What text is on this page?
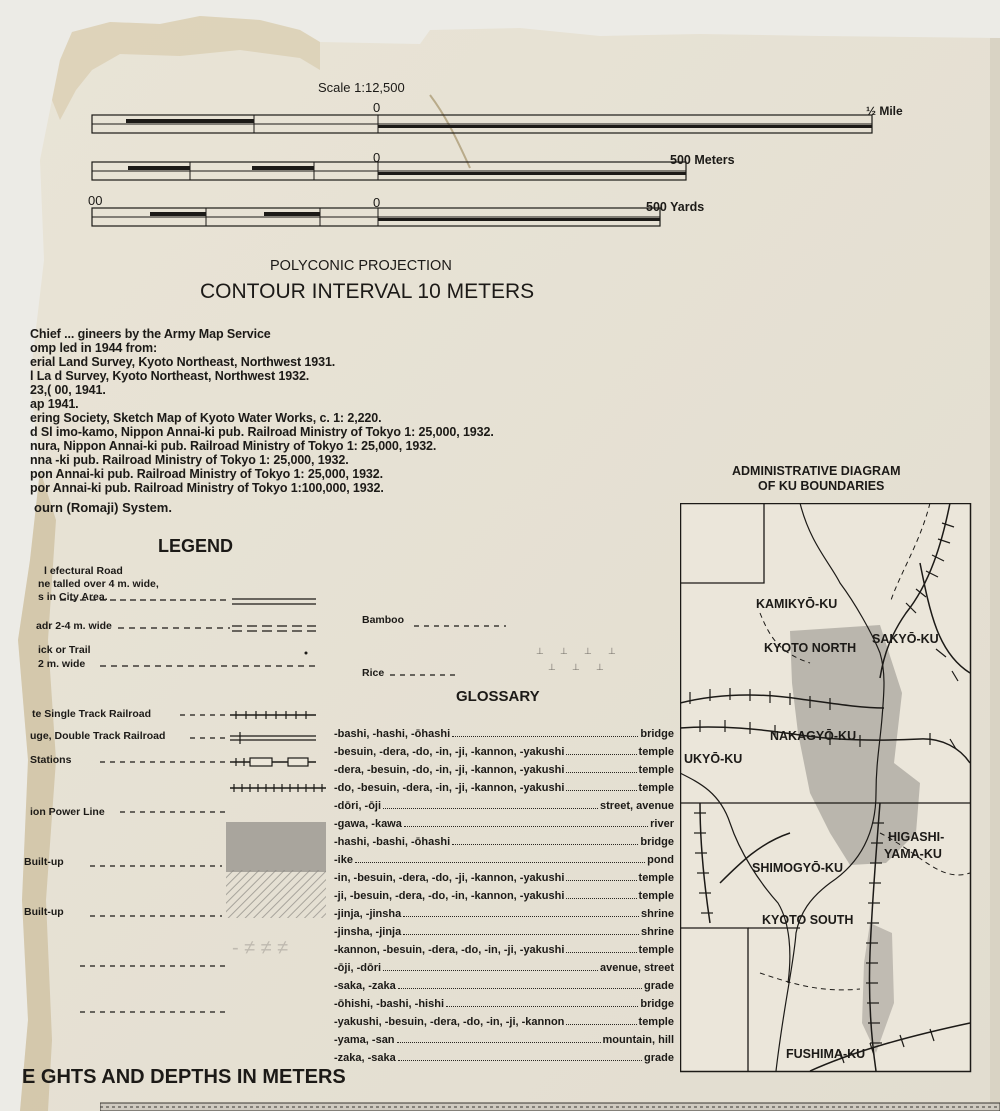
Scale 1:12,500
0	½ Mile
0	500 Meters
00	0	500 Yards
POLYCONIC PROJECTION
CONTOUR INTERVAL 10 METERS
Chief ... gineers by the Army Map Service
omp led in 1944 from:
erial Land Survey, Kyoto Northeast, Northwest 1931.
l La d Survey, Kyoto Northeast, Northwest 1932.
23,( 00, 1941.
ap 1941.
ering Society, Sketch Map of Kyoto Water Works, c. 1: 2,220.
d Sl imo-kamo, Nippon Annai-ki pub. Railroad Ministry of Tokyo 1: 25,000, 1932.
nura, Nippon Annai-ki pub. Railroad Ministry of Tokyo 1: 25,000, 1932.
nna -ki pub. Railroad Ministry of Tokyo 1: 25,000, 1932.
pon Annai-ki pub. Railroad Ministry of Tokyo 1: 25,000, 1932.
por Annai-ki pub. Railroad Ministry of Tokyo 1:100,000, 1932.
ourn (Romaji) System.
LEGEND
l efectural Road
ne talled over 4 m. wide,
s in City Area.
adr 2-4 m. wide
ick or Trail
2 m. wide
te Single Track Railroad
uge, Double Track Railroad
Stations
ion Power Line
Built-up
Built-up
Bamboo
Rice
- ≠ ≠ ≠
⊥ ⊥ ⊥ ⊥
⊥ ⊥ ⊥
GLOSSARY
-bashi, -hashi, -ōhashi	bridge
-besuin, -dera, -do, -in, -ji, -kannon, -yakushi	temple
-dera, -besuin, -do, -in, -ji, -kannon, -yakushi	temple
-do, -besuin, -dera, -in, -ji, -kannon, -yakushi	temple
-dōri, -ōji	street, avenue
-gawa, -kawa	river
-hashi, -bashi, -ōhashi	bridge
-ike	pond
-in, -besuin, -dera, -do, -ji, -kannon, -yakushi	temple
-ji, -besuin, -dera, -do, -in, -kannon, -yakushi	temple
-jinja, -jinsha	shrine
-jinsha, -jinja	shrine
-kannon, -besuin, -dera, -do, -in, -ji, -yakushi	temple
-ōji, -dōri	avenue, street
-saka, -zaka	grade
-ōhishi, -bashi, -hishi	bridge
-yakushi, -besuin, -dera, -do, -in, -ji, -kannon	temple
-yama, -san	mountain, hill
-zaka, -saka	grade
ADMINISTRATIVE DIAGRAM
OF KU BOUNDARIES
KAMIKYŌ-KU
SAKYŌ-KU
KYOTO NORTH
NAKAGYŌ-KU
UKYŌ-KU
HIGASHI-
YAMA-KU
SHIMOGYŌ-KU
KYOTO SOUTH
FUSHIMA-KU
E GHTS AND DEPTHS IN METERS
